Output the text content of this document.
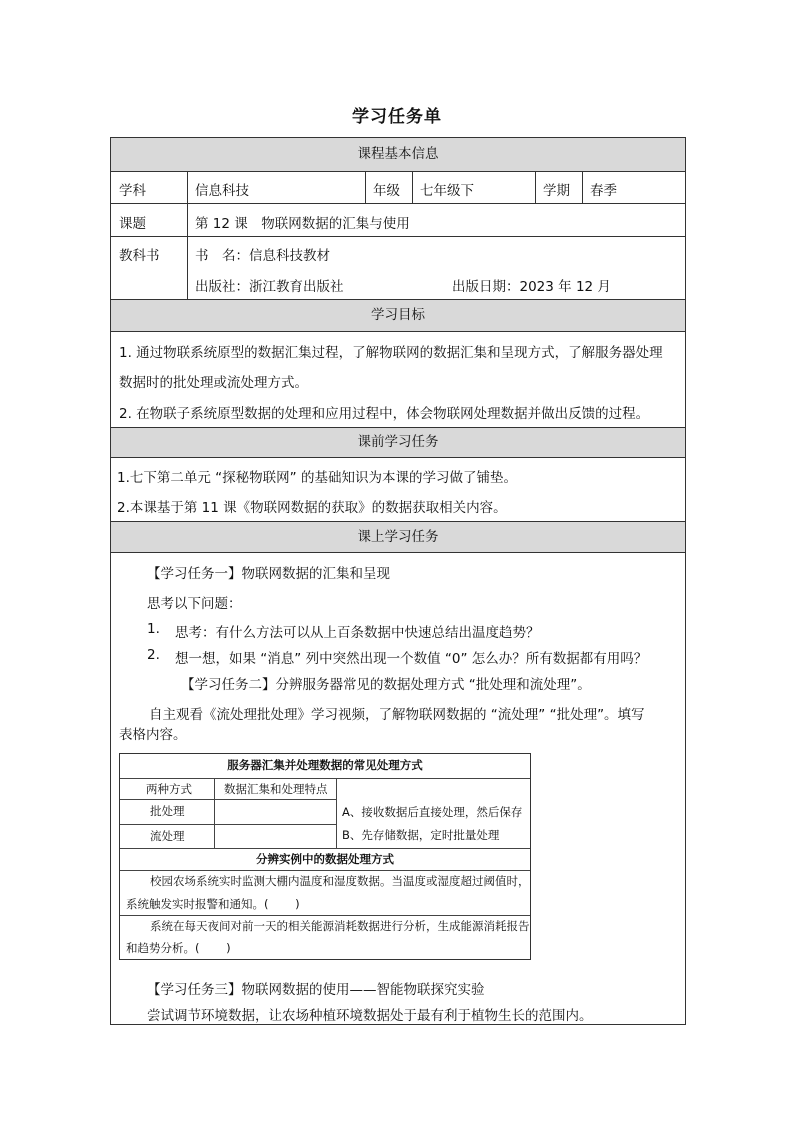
学习任务单
课程基本信息
学科	信息科技	年级 七年级下	学期 春季
课题	第 12 课　物联网数据的汇集与使用
教科书	书　名：信息科技教材
出版社：浙江教育出版社	出版日期：2023 年 12 月
学习目标
1. 通过物联系统原型的数据汇集过程，了解物联网的数据汇集和呈现方式，了解服务器处理
数据时的批处理或流处理方式。
2. 在物联子系统原型数据的处理和应用过程中，体会物联网处理数据并做出反馈的过程。
课前学习任务
1.七下第二单元 “探秘物联网” 的基础知识为本课的学习做了铺垫。
2.本课基于第 11 课《物联网数据的获取》的数据获取相关内容。
课上学习任务
【学习任务一】物联网数据的汇集和呈现
思考以下问题：
1. 思考：有什么方法可以从上百条数据中快速总结出温度趋势？
2. 想一想，如果 “消息” 列中突然出现一个数值 “0” 怎么办？所有数据都有用吗？
【学习任务二】分辨服务器常见的数据处理方式 “批处理和流处理”。
自主观看《流处理批处理》学习视频，了解物联网数据的 “流处理” “批处理”。填写
表格内容。
服务器汇集并处理数据的常见处理方式
两种方式	数据汇集和处理特点
批处理
流处理
A、接收数据后直接处理，然后保存
B、先存储数据，定时批量处理
分辨实例中的数据处理方式
校园农场系统实时监测大棚内温度和湿度数据。当温度或湿度超过阈值时，
系统触发实时报警和通知。(　　 )
系统在每天夜间对前一天的相关能源消耗数据进行分析，生成能源消耗报告
和趋势分析。(　　 )
【学习任务三】物联网数据的使用——智能物联探究实验
尝试调节环境数据，让农场种植环境数据处于最有利于植物生长的范围内。
